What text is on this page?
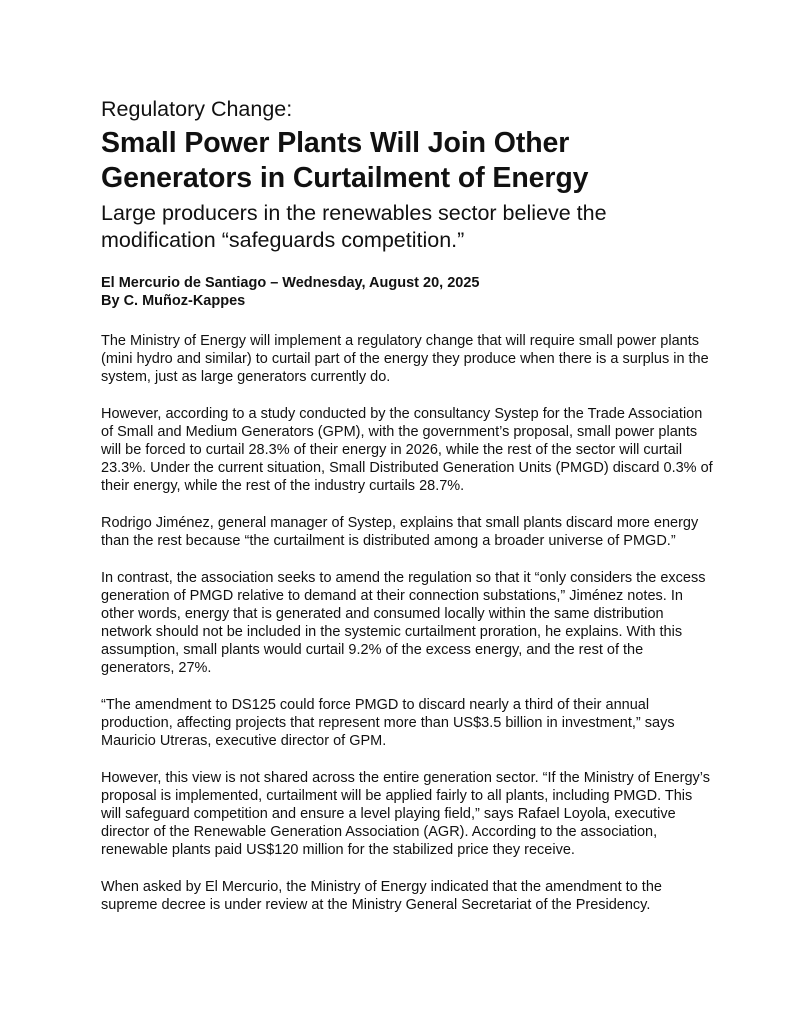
Regulatory Change:
Small Power Plants Will Join Other Generators in Curtailment of Energy
Large producers in the renewables sector believe the modification “safeguards competition.”
El Mercurio de Santiago – Wednesday, August 20, 2025
By C. Muñoz-Kappes

The Ministry of Energy will implement a regulatory change that will require small power plants (mini hydro and similar) to curtail part of the energy they produce when there is a surplus in the system, just as large generators currently do.

However, according to a study conducted by the consultancy Systep for the Trade Association of Small and Medium Generators (GPM), with the government’s proposal, small power plants will be forced to curtail 28.3% of their energy in 2026, while the rest of the sector will curtail 23.3%. Under the current situation, Small Distributed Generation Units (PMGD) discard 0.3% of their energy, while the rest of the industry curtails 28.7%.

Rodrigo Jiménez, general manager of Systep, explains that small plants discard more energy than the rest because “the curtailment is distributed among a broader universe of PMGD.”

In contrast, the association seeks to amend the regulation so that it “only considers the excess generation of PMGD relative to demand at their connection substations,” Jiménez notes. In other words, energy that is generated and consumed locally within the same distribution network should not be included in the systemic curtailment proration, he explains. With this assumption, small plants would curtail 9.2% of the excess energy, and the rest of the generators, 27%.

“The amendment to DS125 could force PMGD to discard nearly a third of their annual production, affecting projects that represent more than US$3.5 billion in investment,” says Mauricio Utreras, executive director of GPM.

However, this view is not shared across the entire generation sector. “If the Ministry of Energy’s proposal is implemented, curtailment will be applied fairly to all plants, including PMGD. This will safeguard competition and ensure a level playing field,” says Rafael Loyola, executive director of the Renewable Generation Association (AGR). According to the association, renewable plants paid US$120 million for the stabilized price they receive.

When asked by El Mercurio, the Ministry of Energy indicated that the amendment to the supreme decree is under review at the Ministry General Secretariat of the Presidency.
